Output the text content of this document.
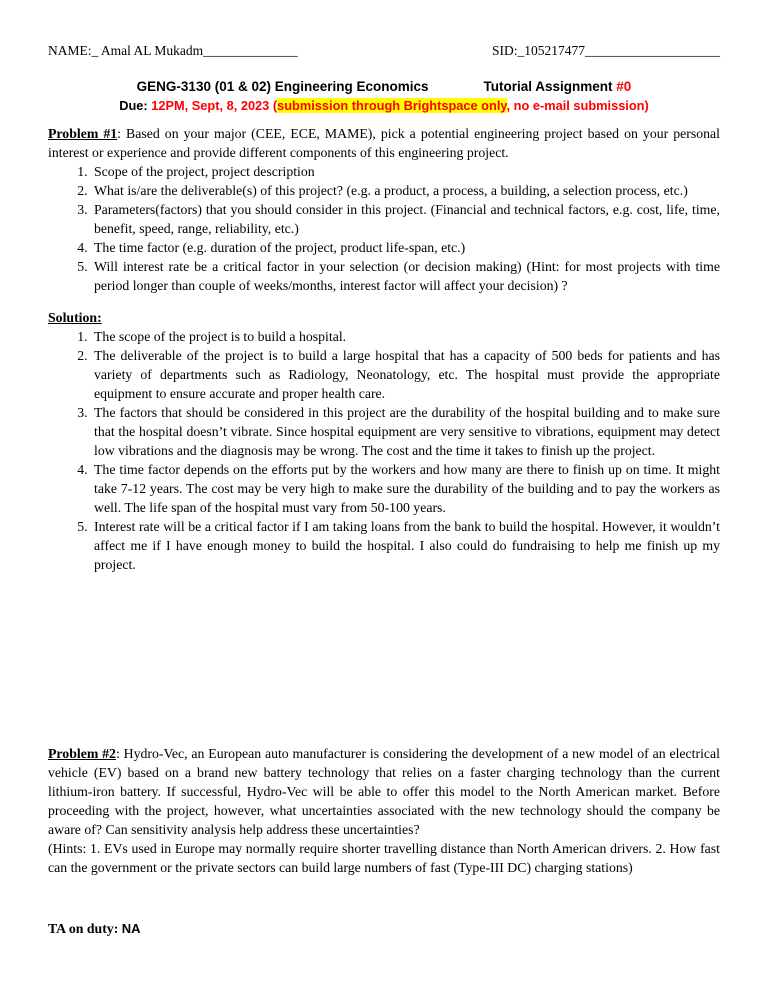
NAME:_ Amal AL Mukadm______________	SID:_105217477____________________
GENG-3130 (01 & 02) Engineering Economics	Tutorial Assignment #0
Due: 12PM, Sept, 8, 2023 (submission through Brightspace only, no e-mail submission)

Problem #1: Based on your major (CEE, ECE, MAME), pick a potential engineering project based on your personal interest or experience and provide different components of this engineering project.

1. Scope of the project, project description
2. What is/are the deliverable(s) of this project? (e.g. a product, a process, a building, a selection process, etc.)
3. Parameters(factors) that you should consider in this project. (Financial and technical factors, e.g. cost, life, time, benefit, speed, range, reliability, etc.)
4. The time factor (e.g. duration of the project, product life-span, etc.)
5. Will interest rate be a critical factor in your selection (or decision making) (Hint: for most projects with time period longer than couple of weeks/months, interest factor will affect your decision) ?

Solution:

1. The scope of the project is to build a hospital.
2. The deliverable of the project is to build a large hospital that has a capacity of 500 beds for patients and has variety of departments such as Radiology, Neonatology, etc. The hospital must provide the appropriate equipment to ensure accurate and proper health care.
3. The factors that should be considered in this project are the durability of the hospital building and to make sure that the hospital doesn’t vibrate. Since hospital equipment are very sensitive to vibrations, equipment may detect low vibrations and the diagnosis may be wrong. The cost and the time it takes to finish up the project.
4. The time factor depends on the efforts put by the workers and how many are there to finish up on time. It might take 7-12 years. The cost may be very high to make sure the durability of the building and to pay the workers as well. The life span of the hospital must vary from 50-100 years.
5. Interest rate will be a critical factor if I am taking loans from the bank to build the hospital. However, it wouldn’t affect me if I have enough money to build the hospital. I also could do fundraising to help me finish up my project.

Problem #2: Hydro-Vec, an European auto manufacturer is considering the development of a new model of an electrical vehicle (EV) based on a brand new battery technology that relies on a faster charging technology than the current lithium-iron battery. If successful, Hydro-Vec will be able to offer this model to the North American market. Before proceeding with the project, however, what uncertainties associated with the new technology should the company be aware of? Can sensitivity analysis help address these uncertainties?

(Hints: 1. EVs used in Europe may normally require shorter travelling distance than North American drivers. 2. How fast can the government or the private sectors can build large numbers of fast (Type-III DC) charging stations)

TA on duty: NA
